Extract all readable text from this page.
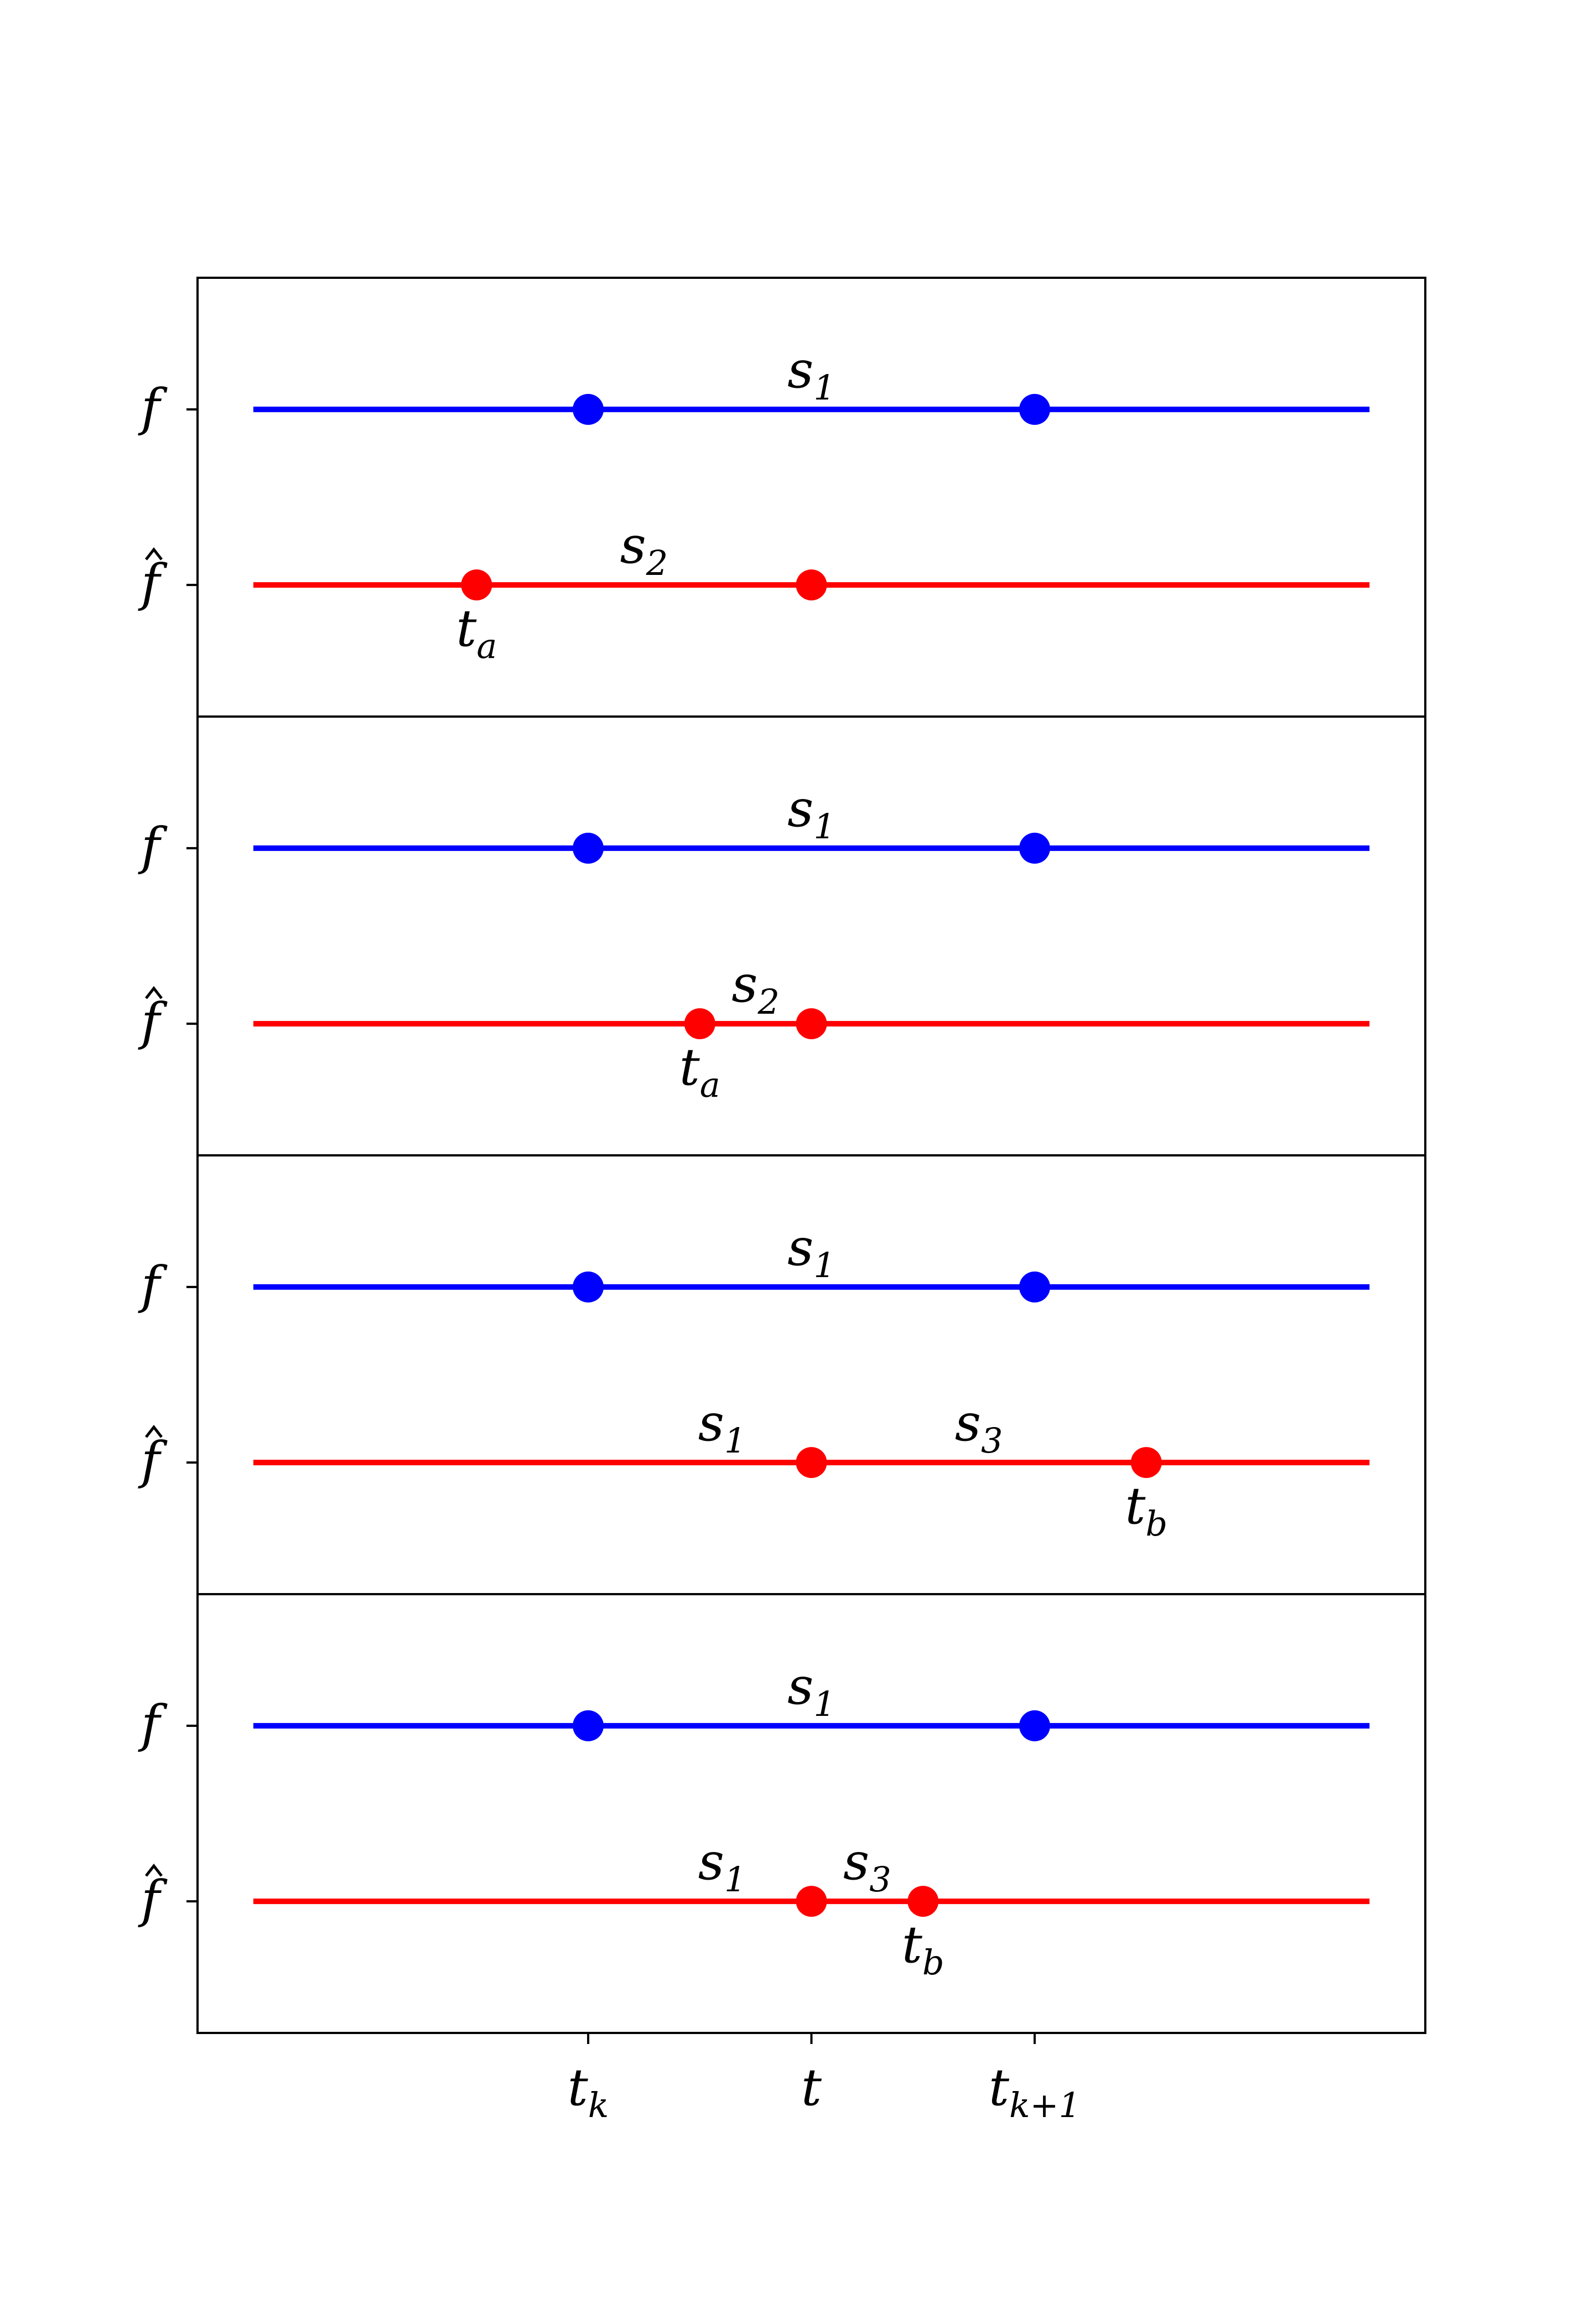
f
f
$s_1$
$s_2$
$t_a$
f
f
$s_1$
$s_2$
$t_a$
f
f
$s_1$
$s_1$	$s_3$
$t_b$
f
f
$s_1$
$s_1$ $s_3$
$t_b$
$t_k$	t	$t_{k+1}$
